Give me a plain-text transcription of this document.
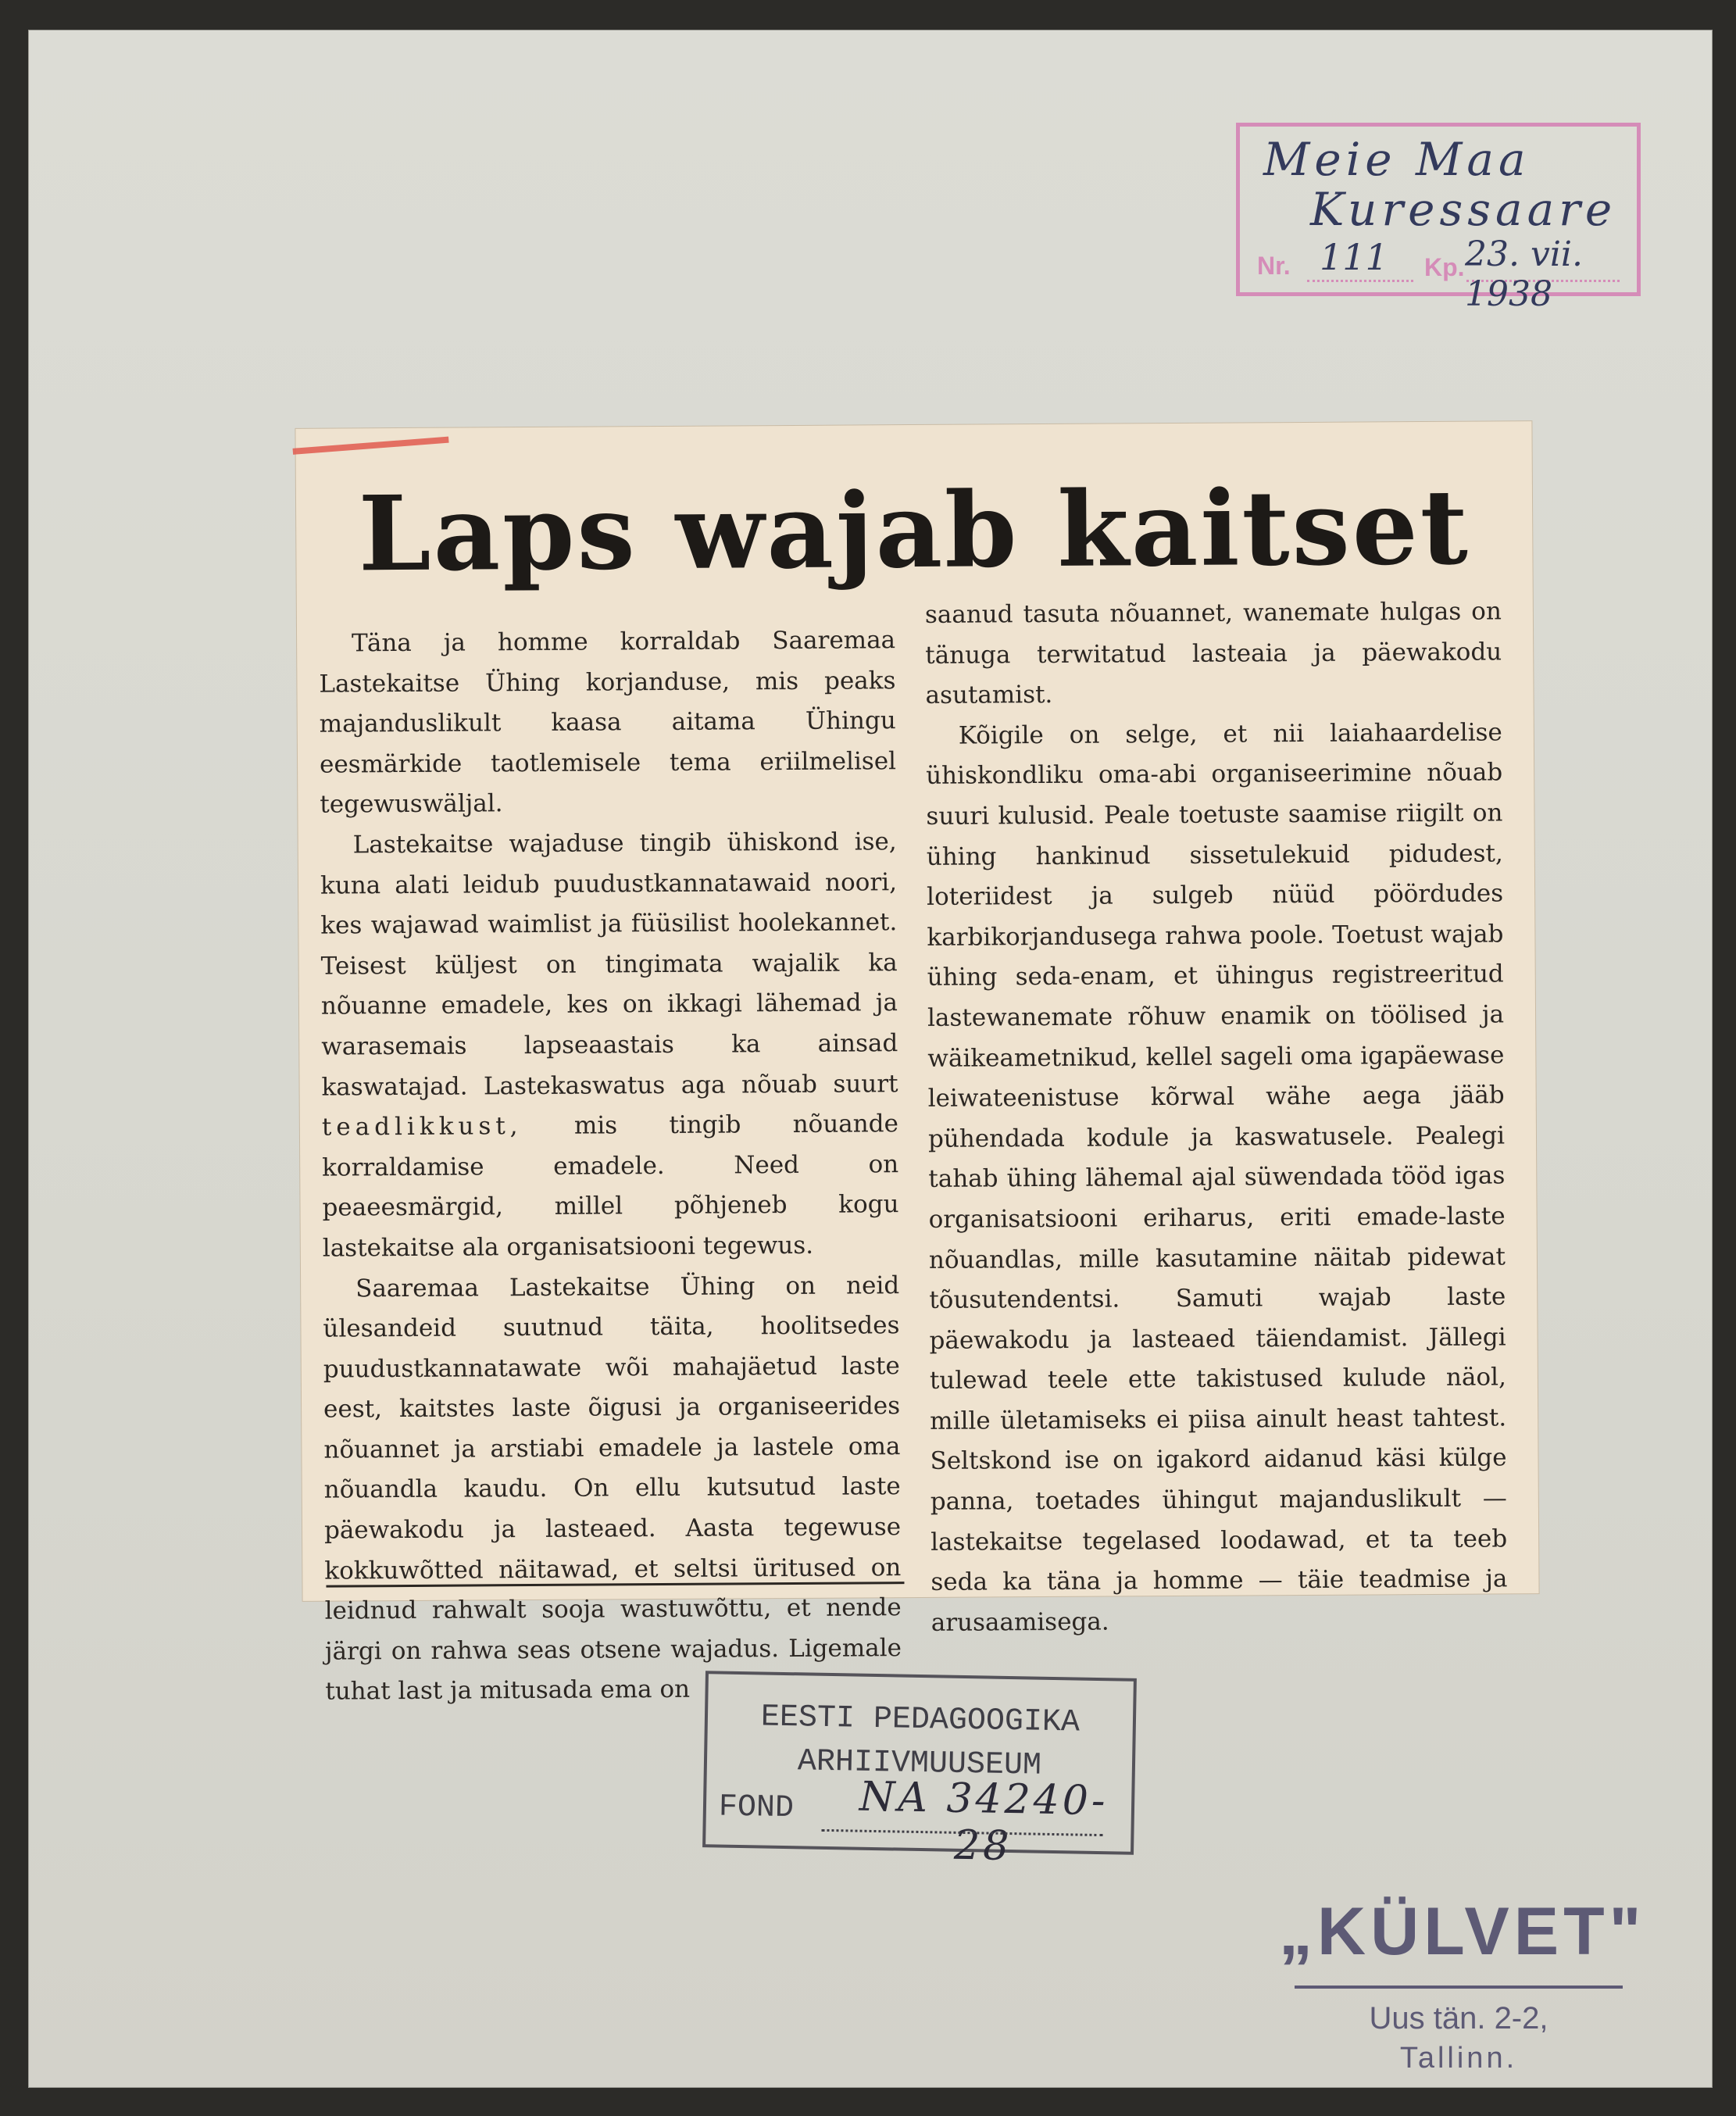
Meie Maa
Kuressaare
Nr. 111 Kp. 23. vii. 1938
Laps wajab kaitset

Täna ja homme korraldab Saaremaa Lastekaitse Ühing korjanduse, mis peaks majanduslikult kaasa aitama Ühingu eesmärkide taotlemisele tema eriilmelisel tegewuswäljal.

Lastekaitse wajaduse tingib ühiskond ise, kuna alati leidub puudustkannatawaid noori, kes wajawad waimlist ja füüsilist hoolekannet. Teisest küljest on tingimata wajalik ka nõuanne emadele, kes on ikkagi lähemad ja warasemais lapseaastais ka ainsad kaswatajad. Lastekaswatus aga nõuab suurt teadlikkust, mis tingib nõuande korraldamise emadele. Need on peaeesmärgid, millel põhjeneb kogu lastekaitse ala organisatsiooni tegewus.

Saaremaa Lastekaitse Ühing on neid ülesandeid suutnud täita, hoolitsedes puudustkannatawate wõi mahajäetud laste eest, kaitstes laste õigusi ja organiseerides nõuannet ja arstiabi emadele ja lastele oma nõuandla kaudu. On ellu kutsutud laste päewakodu ja lasteaed. Aasta tegewuse kokkuwõtted näitawad, et seltsi üritused on leidnud rahwalt sooja wastuwõttu, et nende järgi on rahwa seas otsene wajadus. Ligemale tuhat last ja mitusada ema on

saanud tasuta nõuannet, wanemate hulgas on tänuga terwitatud lasteaia ja päewakodu asutamist.

Kõigile on selge, et nii laiahaardelise ühiskondliku oma-abi organiseerimine nõuab suuri kulusid. Peale toetuste saamise riigilt on ühing hankinud sissetulekuid pidudest, loteriidest ja sulgeb nüüd pöördudes karbikorjandusega rahwa poole. Toetust wajab ühing seda-enam, et ühingus registreeritud lastewanemate rõhuw enamik on töölised ja wäikeametnikud, kellel sageli oma igapäewase leiwateenistuse kõrwal wähe aega jääb pühendada kodule ja kaswatusele. Pealegi tahab ühing lähemal ajal süwendada tööd igas organisatsiooni eriharus, eriti emade-laste nõuandlas, mille kasutamine näitab pidewat tõusutendentsi. Samuti wajab laste päewakodu ja lasteaed täiendamist. Jällegi tulewad teele ette takistused kulude näol, mille ületamiseks ei piisa ainult heast tahtest. Seltskond ise on igakord aidanud käsi külge panna, toetades ühingut majanduslikult — lastekaitse tegelased loodawad, et ta teeb seda ka täna ja homme — täie teadmise ja arusaamisega.

EESTI PEDAGOOGIKA
ARHIIVMUUSEUM
FOND	NA 34240-28
„KÜLVET"
Uus tän. 2-2,
Tallinn.
